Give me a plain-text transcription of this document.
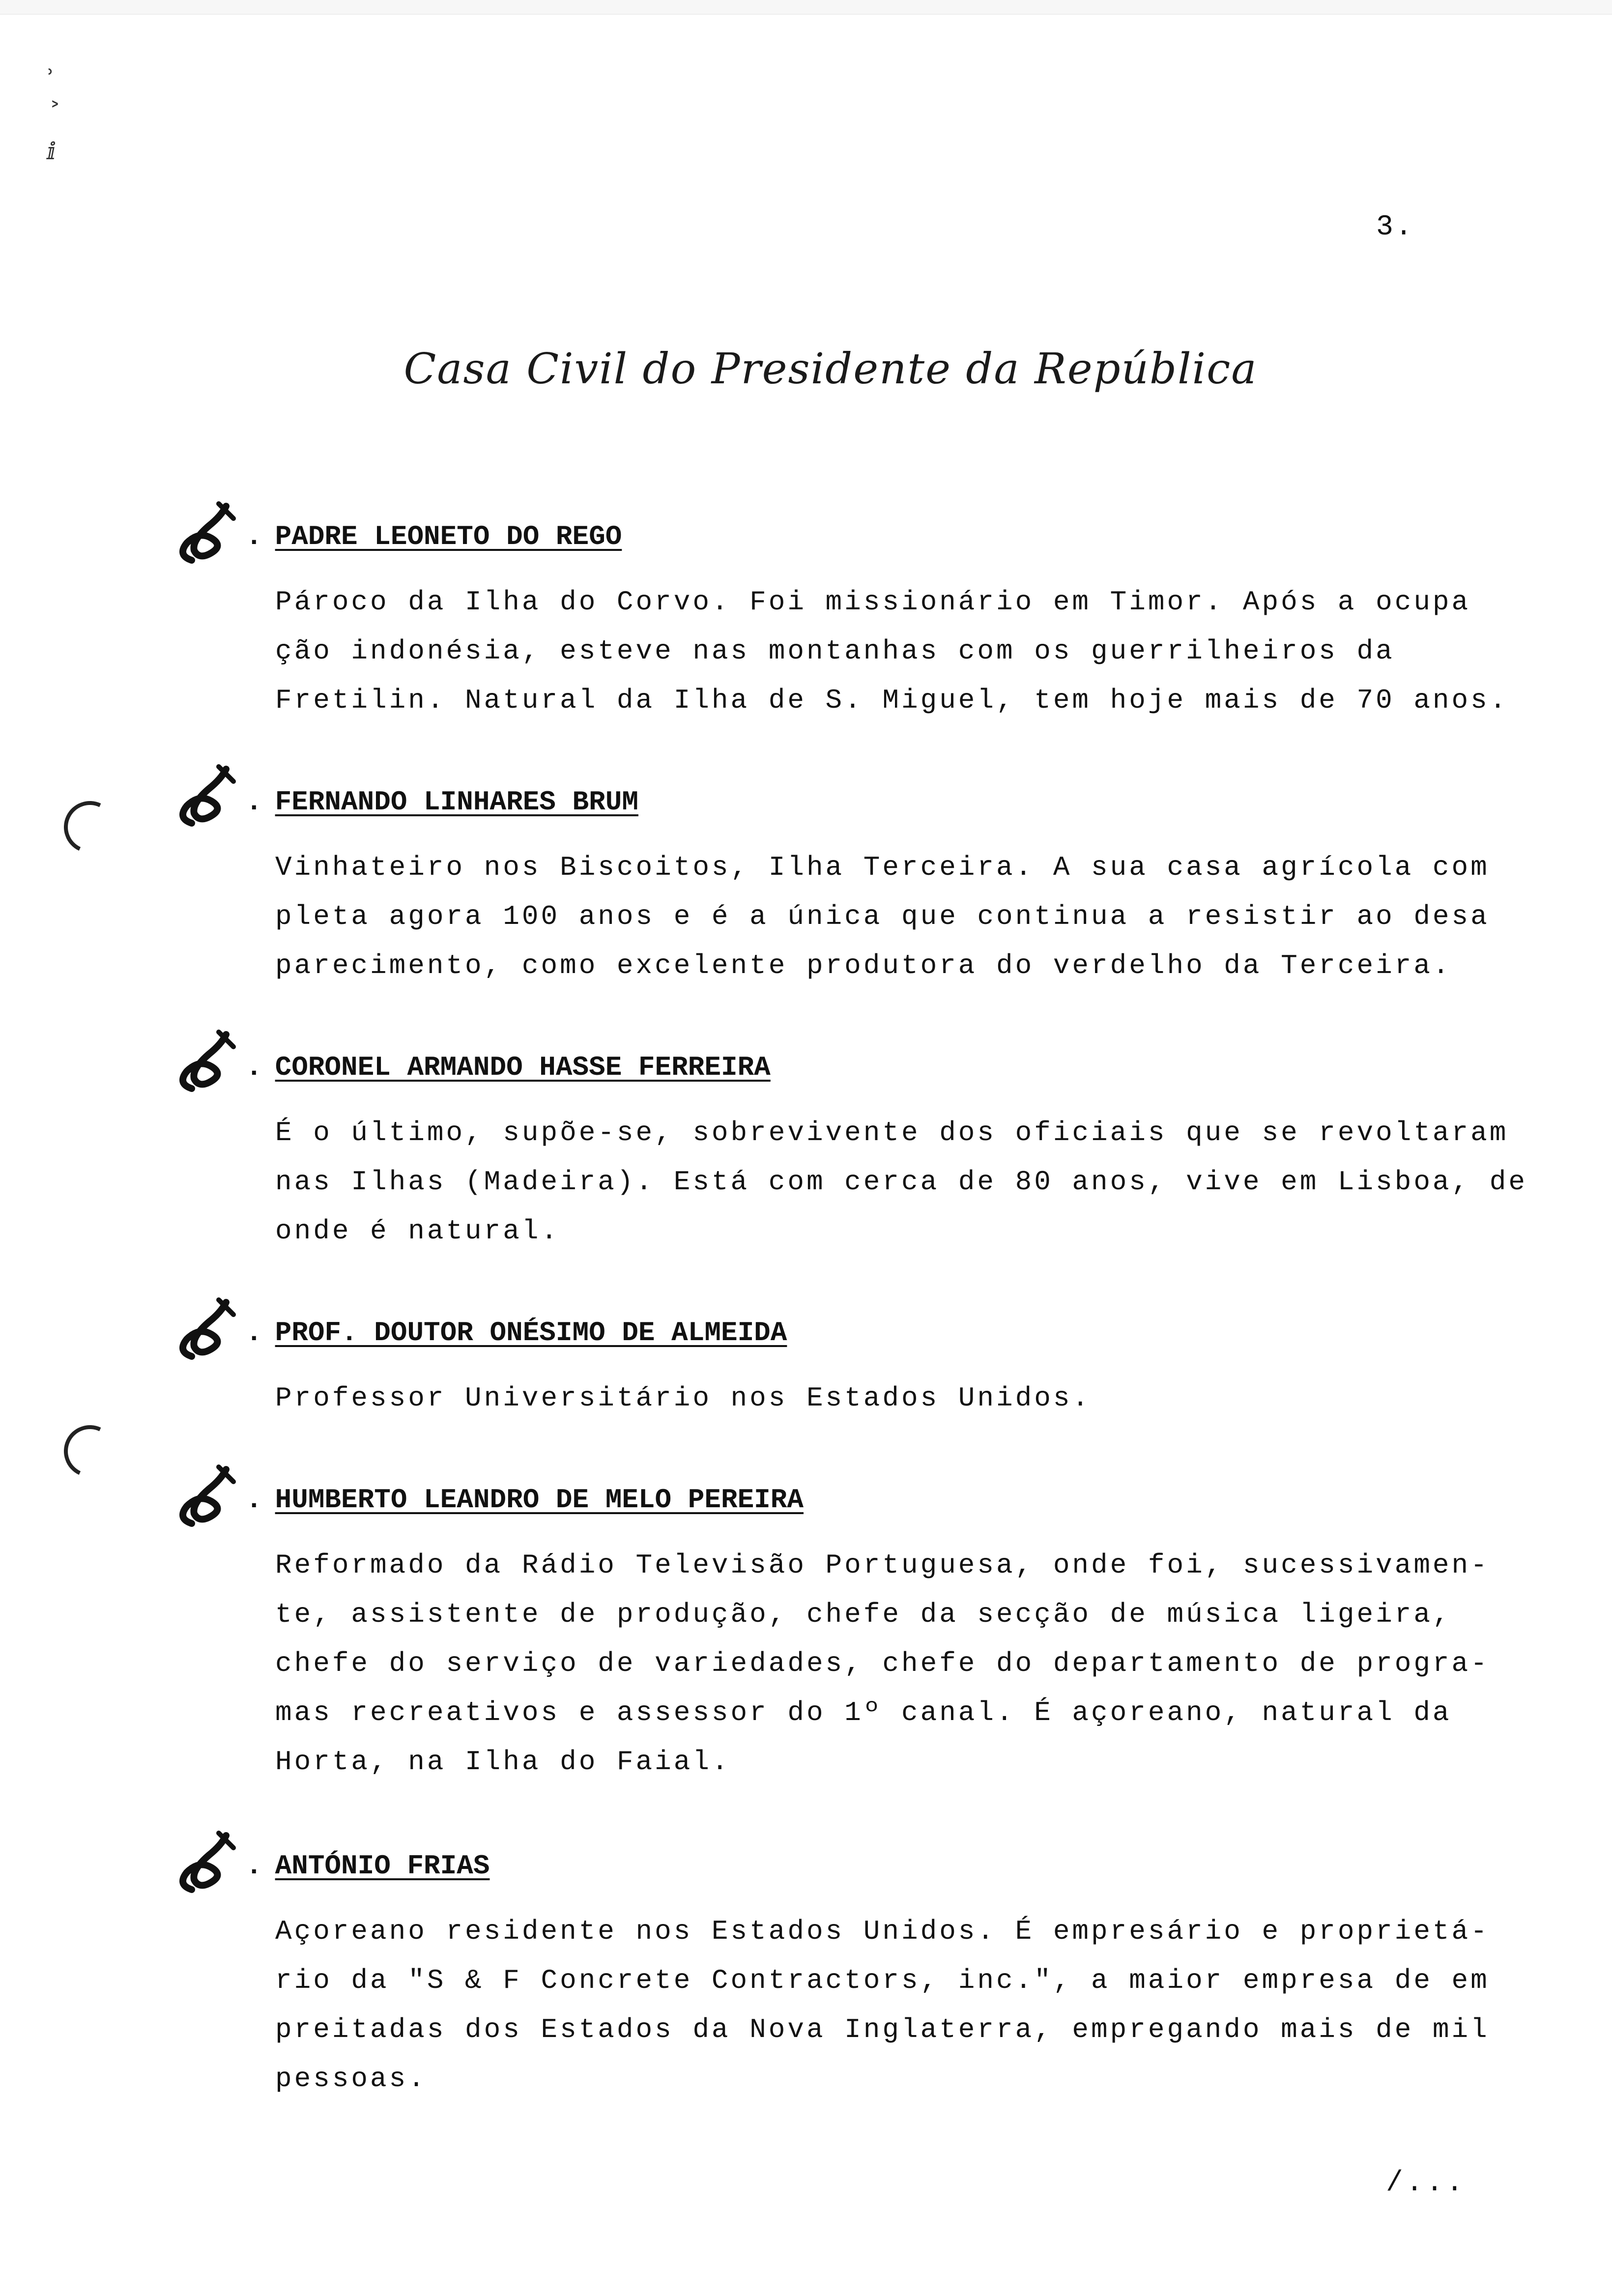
˒
˃
ⅈ
3.
Casa Civil do Presidente da República
. PADRE LEONETO DO REGO
Pároco da Ilha do Corvo. Foi missionário em Timor. Após a ocupa
ção indonésia, esteve nas montanhas com os guerrilheiros da
Fretilin. Natural da Ilha de S. Miguel, tem hoje mais de 70 anos.
. FERNANDO LINHARES BRUM
Vinhateiro nos Biscoitos, Ilha Terceira. A sua casa agrícola com
pleta agora 100 anos e é a única que continua a resistir ao desa
parecimento, como excelente produtora do verdelho da Terceira.
. CORONEL ARMANDO HASSE FERREIRA
É o último, supõe-se, sobrevivente dos oficiais que se revoltaram
nas Ilhas (Madeira). Está com cerca de 80 anos, vive em Lisboa, de
onde é natural.
. PROF. DOUTOR ONÉSIMO DE ALMEIDA
Professor Universitário nos Estados Unidos.
. HUMBERTO LEANDRO DE MELO PEREIRA
Reformado da Rádio Televisão Portuguesa, onde foi, sucessivamen-
te, assistente de produção, chefe da secção de música ligeira,
chefe do serviço de variedades, chefe do departamento de progra-
mas recreativos e assessor do 1º canal. É açoreano, natural da
Horta, na Ilha do Faial.
. ANTÓNIO FRIAS
Açoreano residente nos Estados Unidos. É empresário e proprietá-
rio da "S & F Concrete Contractors, inc.", a maior empresa de em
preitadas dos Estados da Nova Inglaterra, empregando mais de mil
pessoas.
/...
